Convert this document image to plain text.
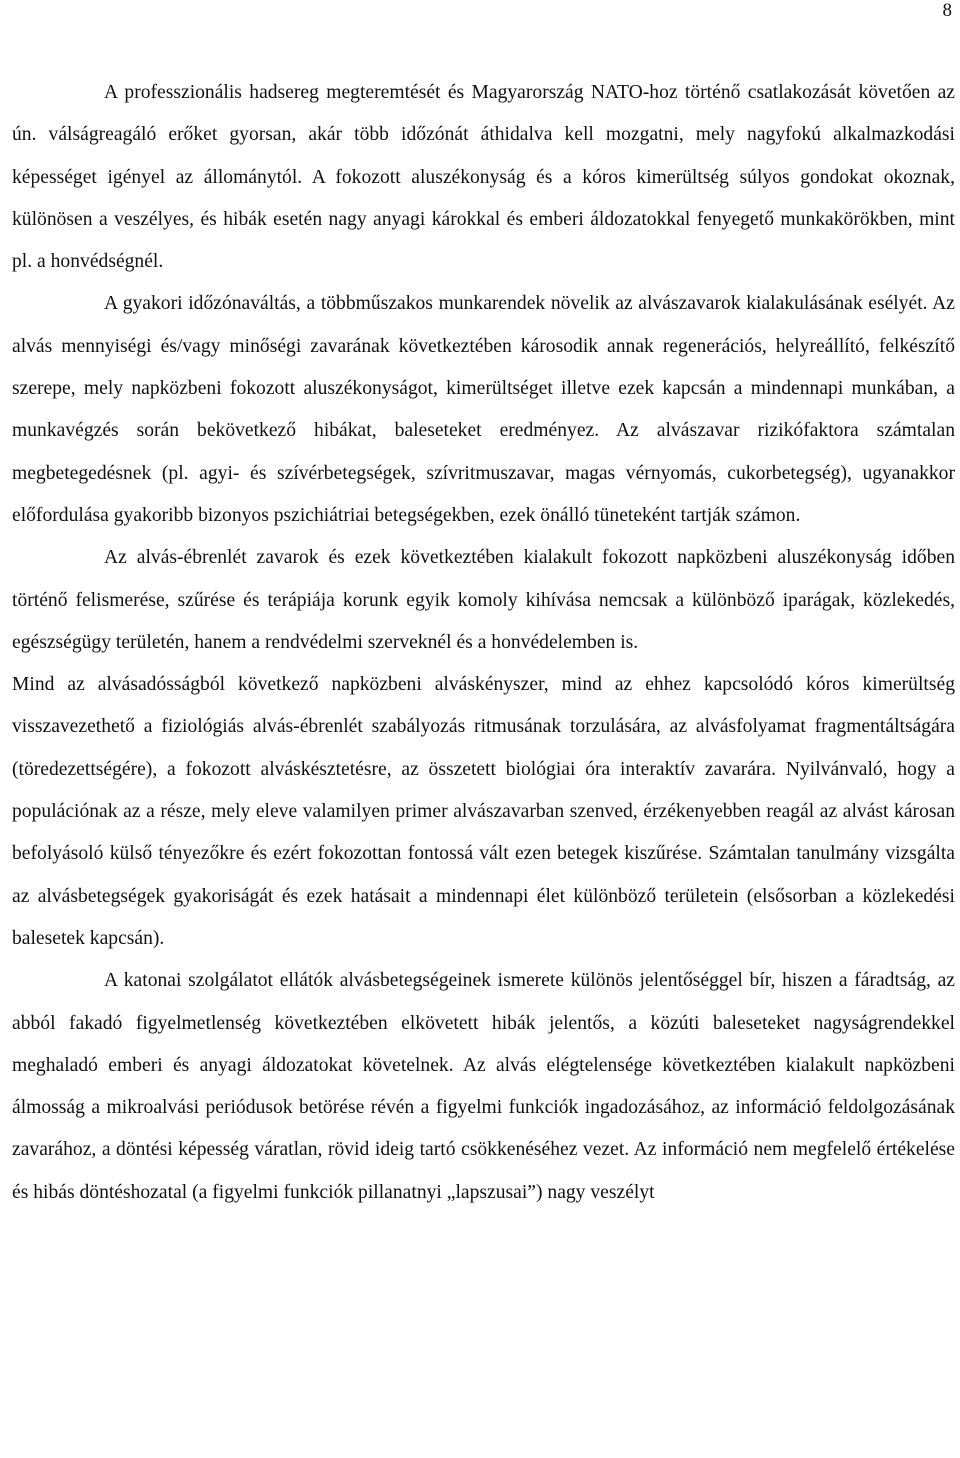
8

A professzionális hadsereg megteremtését és Magyarország NATO-hoz történő csatlakozását követően az ún. válságreagáló erőket gyorsan, akár több időzónát áthidalva kell mozgatni, mely nagyfokú alkalmazkodási képességet igényel az állománytól. A fokozott aluszékonyság és a kóros kimerültség súlyos gondokat okoznak, különösen a veszélyes, és hibák esetén nagy anyagi károkkal és emberi áldozatokkal fenyegető munkakörökben, mint pl. a honvédségnél.

A gyakori időzónaváltás, a többműszakos munkarendek növelik az alvászavarok kialakulásának esélyét. Az alvás mennyiségi és/vagy minőségi zavarának következtében károsodik annak regenerációs, helyreállító, felkészítő szerepe, mely napközbeni fokozott aluszékonyságot, kimerültséget illetve ezek kapcsán a mindennapi munkában, a munkavégzés során bekövetkező hibákat, baleseteket eredményez. Az alvászavar rizikófaktora számtalan megbetegedésnek (pl. agyi- és szívérbetegségek, szívritmuszavar, magas vérnyomás, cukorbetegség), ugyanakkor előfordulása gyakoribb bizonyos pszichiátriai betegségekben, ezek önálló tüneteként tartják számon.

Az alvás-ébrenlét zavarok és ezek következtében kialakult fokozott napközbeni aluszékonyság időben történő felismerése, szűrése és terápiája korunk egyik komoly kihívása nemcsak a különböző iparágak, közlekedés, egészségügy területén, hanem a rendvédelmi szerveknél és a honvédelemben is.

Mind az alvásadósságból következő napközbeni alváskényszer, mind az ehhez kapcsolódó kóros kimerültség visszavezethető a fiziológiás alvás-ébrenlét szabályozás ritmusának torzulására, az alvásfolyamat fragmentáltságára (töredezettségére), a fokozott alváskésztetésre, az összetett biológiai óra interaktív zavarára. Nyilvánvaló, hogy a populációnak az a része, mely eleve valamilyen primer alvászavarban szenved, érzékenyebben reagál az alvást károsan befolyásoló külső tényezőkre és ezért fokozottan fontossá vált ezen betegek kiszűrése. Számtalan tanulmány vizsgálta az alvásbetegségek gyakoriságát és ezek hatásait a mindennapi élet különböző területein (elsősorban a közlekedési balesetek kapcsán).

A katonai szolgálatot ellátók alvásbetegségeinek ismerete különös jelentőséggel bír, hiszen a fáradtság, az abból fakadó figyelmetlenség következtében elkövetett hibák jelentős, a közúti baleseteket nagyságrendekkel meghaladó emberi és anyagi áldozatokat követelnek. Az alvás elégtelensége következtében kialakult napközbeni álmosság a mikroalvási periódusok betörése révén a figyelmi funkciók ingadozásához, az információ feldolgozásának zavarához, a döntési képesség váratlan, rövid ideig tartó csökkenéséhez vezet. Az információ nem megfelelő értékelése és hibás döntéshozatal (a figyelmi funkciók pillanatnyi „lapszusai”) nagy veszélyt
